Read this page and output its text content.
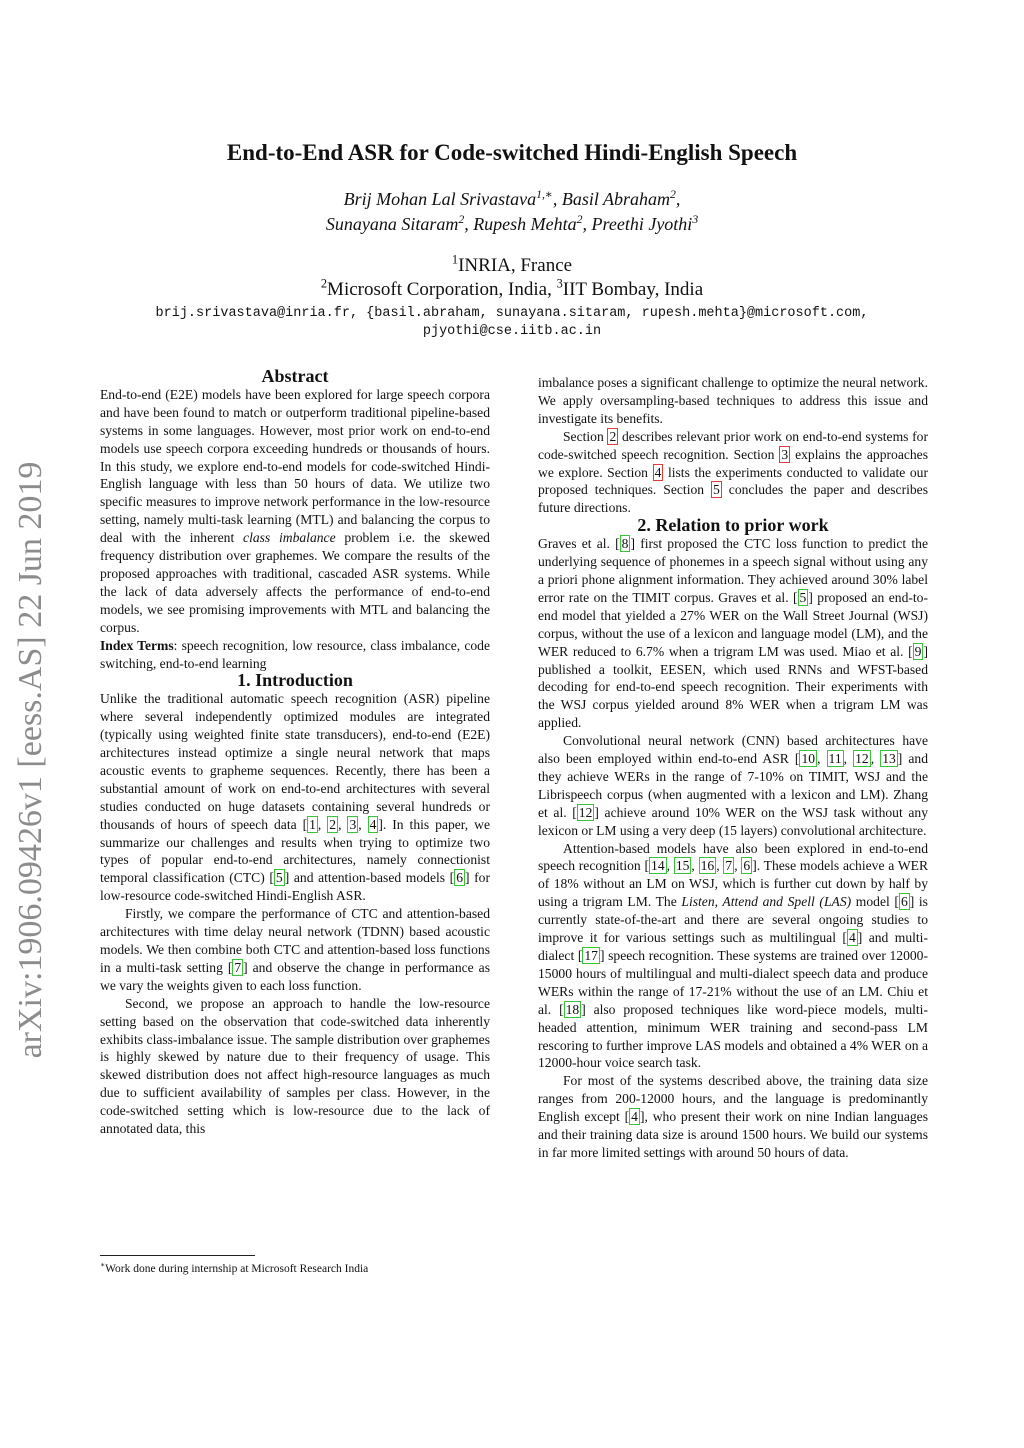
arXiv:1906.09426v1 [eess.AS] 22 Jun 2019
End-to-End ASR for Code-switched Hindi-English Speech
Brij Mohan Lal Srivastava$^{1,∗}$, Basil Abraham$^2$,
Sunayana Sitaram$^2$, Rupesh Mehta$^2$, Preethi Jyothi$^3$
$^1$INRIA, France
$^2$Microsoft Corporation, India, $^3$IIT Bombay, India
brij.srivastava@inria.fr, {basil.abraham, sunayana.sitaram, rupesh.mehta}@microsoft.com,
pjyothi@cse.iitb.ac.in
Abstract

End-to-end (E2E) models have been explored for large speech corpora and have been found to match or outperform traditional pipeline-based systems in some languages. However, most prior work on end-to-end models use speech corpora exceeding hundreds or thousands of hours. In this study, we explore end-to-end models for code-switched Hindi-English language with less than 50 hours of data. We utilize two specific measures to improve network performance in the low-resource setting, namely multi-task learning (MTL) and balancing the corpus to deal with the inherent class imbalance problem i.e. the skewed frequency distribution over graphemes. We compare the results of the proposed approaches with traditional, cascaded ASR systems. While the lack of data adversely affects the performance of end-to-end models, we see promising improvements with MTL and balancing the corpus.

Index Terms: speech recognition, low resource, class imbalance, code switching, end-to-end learning

1. Introduction

Unlike the traditional automatic speech recognition (ASR) pipeline where several independently optimized modules are integrated (typically using weighted finite state transducers), end-to-end (E2E) architectures instead optimize a single neural network that maps acoustic events to grapheme sequences. Recently, there has been a substantial amount of work on end-to-end architectures with several studies conducted on huge datasets containing several hundreds or thousands of hours of speech data [ 1 , 2 , 3 , 4 ]. In this paper, we summarize our challenges and results when trying to optimize two types of popular end-to-end architectures, namely connectionist temporal classification (CTC) [ 5 ] and attention-based models [ 6 ] for low-resource code-switched Hindi-English ASR.

Firstly, we compare the performance of CTC and attention-based architectures with time delay neural network (TDNN) based acoustic models. We then combine both CTC and attention-based loss functions in a multi-task setting [ 7 ] and observe the change in performance as we vary the weights given to each loss function.

Second, we propose an approach to handle the low-resource setting based on the observation that code-switched data inherently exhibits class-imbalance issue. The sample distribution over graphemes is highly skewed by nature due to their frequency of usage. This skewed distribution does not affect high-resource languages as much due to sufficient availability of samples per class. However, in the code-switched setting which is low-resource due to the lack of annotated data, this

∗Work done during internship at Microsoft Research India

imbalance poses a significant challenge to optimize the neural network. We apply oversampling-based techniques to address this issue and investigate its benefits.

Section 2 describes relevant prior work on end-to-end systems for code-switched speech recognition. Section 3 explains the approaches we explore. Section 4 lists the experiments conducted to validate our proposed techniques. Section 5 concludes the paper and describes future directions.

2. Relation to prior work

Graves et al. [ 8 ] first proposed the CTC loss function to predict the underlying sequence of phonemes in a speech signal without using any a priori phone alignment information. They achieved around 30% label error rate on the TIMIT corpus. Graves et al. [ 5 ] proposed an end-to-end model that yielded a 27% WER on the Wall Street Journal (WSJ) corpus, without the use of a lexicon and language model (LM), and the WER reduced to 6.7% when a trigram LM was used. Miao et al. [ 9 ] published a toolkit, EESEN, which used RNNs and WFST-based decoding for end-to-end speech recognition. Their experiments with the WSJ corpus yielded around 8% WER when a trigram LM was applied.

Convolutional neural network (CNN) based architectures have also been employed within end-to-end ASR [ 10 , 11 , 12 , 13 ] and they achieve WERs in the range of 7-10% on TIMIT, WSJ and the Librispeech corpus (when augmented with a lexicon and LM). Zhang et al. [ 12 ] achieve around 10% WER on the WSJ task without any lexicon or LM using a very deep (15 layers) convolutional architecture.

Attention-based models have also been explored in end-to-end speech recognition [ 14 , 15 , 16 , 7 , 6 ]. These models achieve a WER of 18% without an LM on WSJ, which is further cut down by half by using a trigram LM. The Listen, Attend and Spell (LAS) model [ 6 ] is currently state-of-the-art and there are several ongoing studies to improve it for various settings such as multilingual [ 4 ] and multi-dialect [ 17 ] speech recognition. These systems are trained over 12000-15000 hours of multilingual and multi-dialect speech data and produce WERs within the range of 17-21% without the use of an LM. Chiu et al. [ 18 ] also proposed techniques like word-piece models, multi-headed attention, minimum WER training and second-pass LM rescoring to further improve LAS models and obtained a 4% WER on a 12000-hour voice search task.

For most of the systems described above, the training data size ranges from 200-12000 hours, and the language is predominantly English except [ 4 ], who present their work on nine Indian languages and their training data size is around 1500 hours. We build our systems in far more limited settings with around 50 hours of data.
